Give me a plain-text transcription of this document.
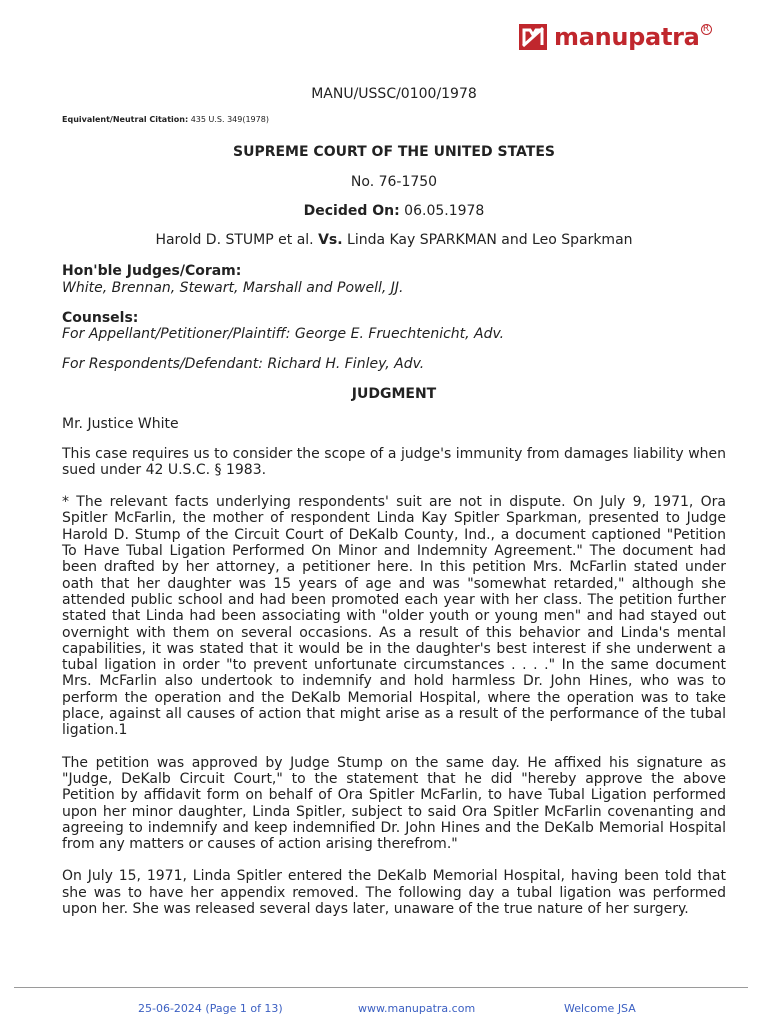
manupatra R

MANU/USSC/0100/1978

Equivalent/Neutral Citation: 435 U.S. 349(1978)

SUPREME COURT OF THE UNITED STATES

No. 76-1750

Decided On: 06.05.1978

Harold D. STUMP et al. Vs. Linda Kay SPARKMAN and Leo Sparkman

Hon'ble Judges/Coram:

White, Brennan, Stewart, Marshall and Powell, JJ.

Counsels:

For Appellant/Petitioner/Plaintiff: George E. Fruechtenicht, Adv.

For Respondents/Defendant: Richard H. Finley, Adv.

JUDGMENT

Mr. Justice White

This case requires us to consider the scope of a judge's immunity from damages liability when sued under 42 U.S.C. § 1983.

* The relevant facts underlying respondents' suit are not in dispute. On July 9, 1971, Ora Spitler McFarlin, the mother of respondent Linda Kay Spitler Sparkman, presented to Judge Harold D. Stump of the Circuit Court of DeKalb County, Ind., a document captioned "Petition To Have Tubal Ligation Performed On Minor and Indemnity Agreement." The document had been drafted by her attorney, a petitioner here. In this petition Mrs. McFarlin stated under oath that her daughter was 15 years of age and was "somewhat retarded," although she attended public school and had been promoted each year with her class. The petition further stated that Linda had been associating with "older youth or young men" and had stayed out overnight with them on several occasions. As a result of this behavior and Linda's mental capabilities, it was stated that it would be in the daughter's best interest if she underwent a tubal ligation in order "to prevent unfortunate circumstances . . . ." In the same document Mrs. McFarlin also undertook to indemnify and hold harmless Dr. John Hines, who was to perform the operation and the DeKalb Memorial Hospital, where the operation was to take place, against all causes of action that might arise as a result of the performance of the tubal ligation.1

The petition was approved by Judge Stump on the same day. He affixed his signature as "Judge, DeKalb Circuit Court," to the statement that he did "hereby approve the above Petition by affidavit form on behalf of Ora Spitler McFarlin, to have Tubal Ligation performed upon her minor daughter, Linda Spitler, subject to said Ora Spitler McFarlin covenanting and agreeing to indemnify and keep indemnified Dr. John Hines and the DeKalb Memorial Hospital from any matters or causes of action arising therefrom."

On July 15, 1971, Linda Spitler entered the DeKalb Memorial Hospital, having been told that she was to have her appendix removed. The following day a tubal ligation was performed upon her. She was released several days later, unaware of the true nature of her surgery.

25-06-2024 (Page 1 of 13)	www.manupatra.com	Welcome JSA
